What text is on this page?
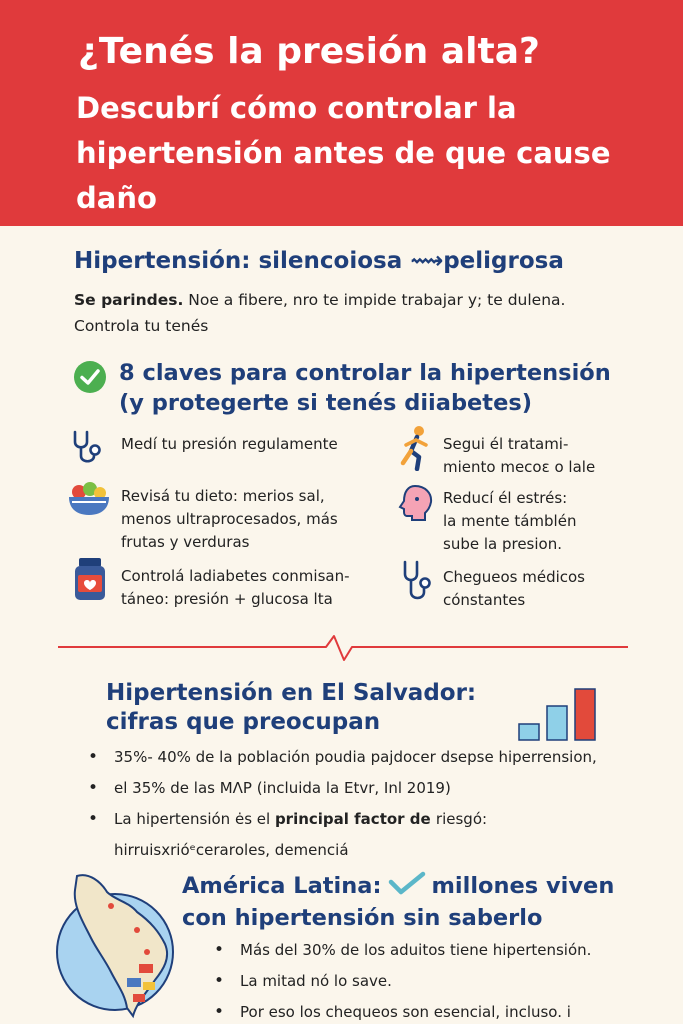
¿Tenés la presión alta?
Descubrí cómo controlar la hipertensión antes de que cause daño
Hipertensión: silencoiosa ⟿peligrosa

Se parindes. Noe a fibere, nro te impide trabajar y; te dulena. Controla tu tenés

8 claves para controlar la hipertensión
(y protegerte si tenés diiabetes)
Medí tu presión regulamente	Segui él tratami-
miento mecoɛ o lale
Revisá tu dieto: merios sal,
menos ultraprocesados, más
frutas y verduras
Reducí él estrés:
la mente támblén
sube la presion.
Controlá ladiabetes conmisan-
táneo: presión + glucosa lta
Chegueos médicos
cónstantes
Hipertensión en El Salvador:
cifras que preocupan
• 35%- 40% de la población poudia pajdocer dsepse hiperrension,
• el 35% de las MɅP (incluida la Etvr, Inl 2019)
• La hipertensión ės el principal factor de riesgó:
hirruisxrióᵉcerarоles, demenciá
América Latina: millones viven
con hipertensión sin saberlo
• Más del 30% de los aduitos tiene hipertensión.
• La mitad nó lo save.
• Por eso los chequeos son esencial, incluso. i
